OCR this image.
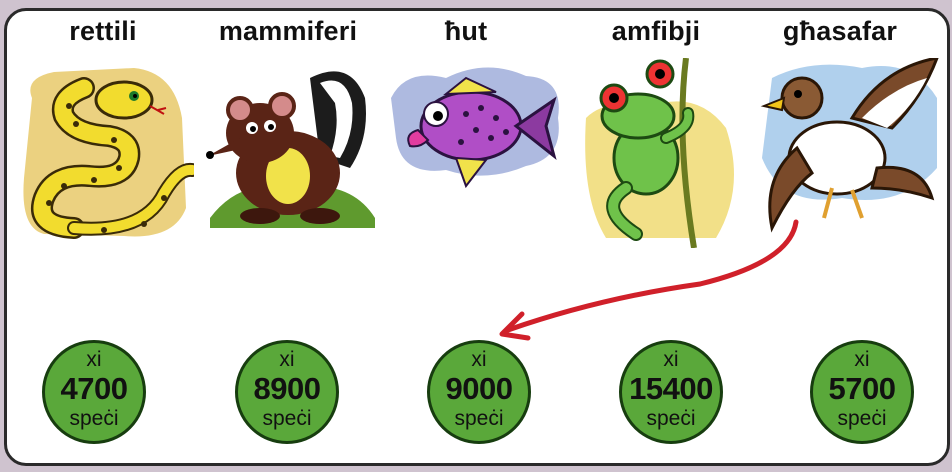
rettili	mammiferi	ħut	amfibji	għasafar
xi
4700
speċi
xi
8900
speċi
xi
9000
speċi
xi
15400
speċi
xi
5700
speċi
